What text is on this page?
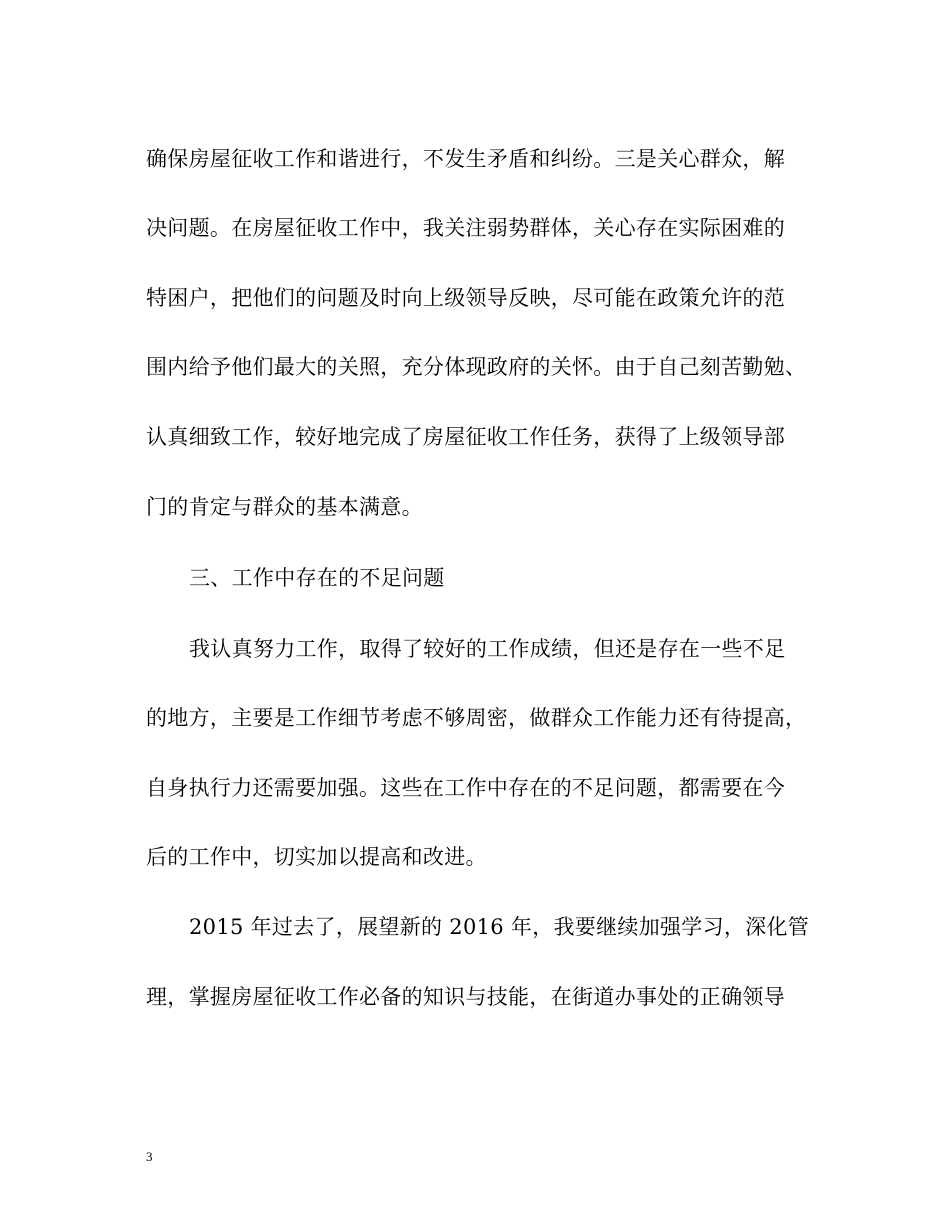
确保房屋征收工作和谐进行，不发生矛盾和纠纷。三是关心群众，解
决问题。在房屋征收工作中，我关注弱势群体，关心存在实际困难的
特困户，把他们的问题及时向上级领导反映，尽可能在政策允许的范
围内给予他们最大的关照，充分体现政府的关怀。由于自己刻苦勤勉、
认真细致工作，较好地完成了房屋征收工作任务，获得了上级领导部
门的肯定与群众的基本满意。
三、工作中存在的不足问题
我认真努力工作，取得了较好的工作成绩，但还是存在一些不足
的地方，主要是工作细节考虑不够周密，做群众工作能力还有待提高，
自身执行力还需要加强。这些在工作中存在的不足问题，都需要在今
后的工作中，切实加以提高和改进。
2015 年过去了，展望新的 2016 年，我要继续加强学习，深化管
理，掌握房屋征收工作必备的知识与技能，在街道办事处的正确领导
3
